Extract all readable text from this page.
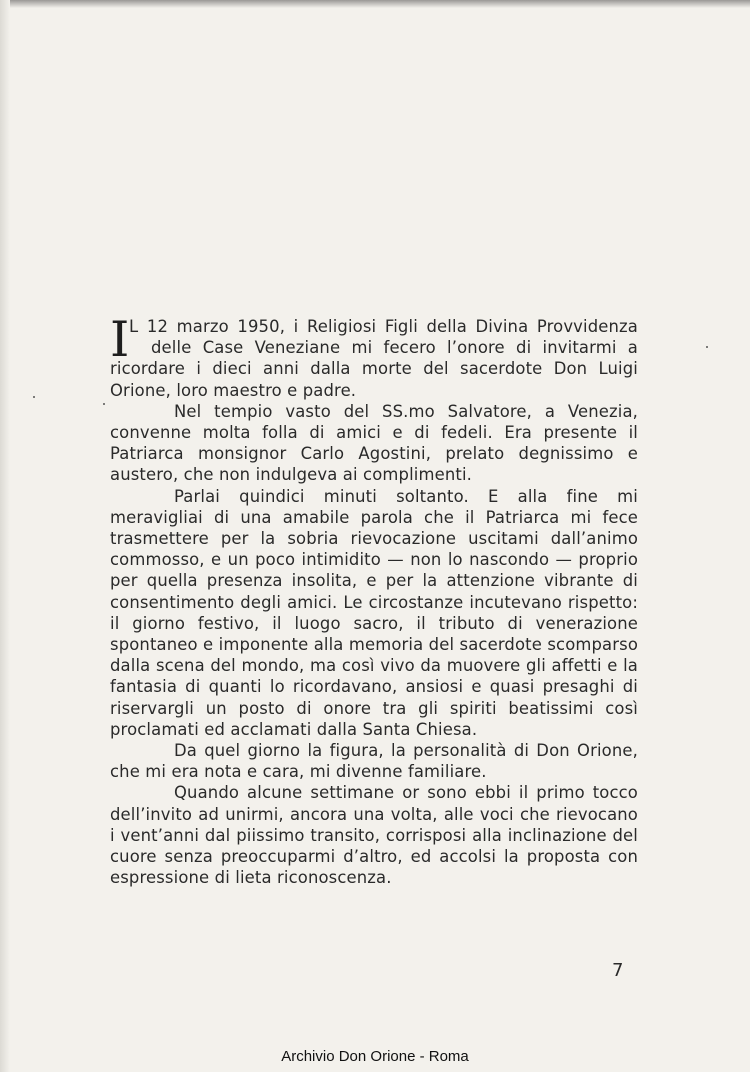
I L 12 marzo 1950, i Religiosi Figli della Divina Provvidenza
delle Case Veneziane mi fecero l’onore di invitarmi a
ricordare i dieci anni dalla morte del sacerdote Don Luigi Orione, loro maestro e padre.

Nel tempio vasto del SS.mo Salvatore, a Venezia, convenne molta folla di amici e di fedeli. Era presente il Patriarca monsignor Carlo Agostini, prelato degnissimo e austero, che non indulgeva ai complimenti.

Parlai quindici minuti soltanto. E alla fine mi meravigliai di una amabile parola che il Patriarca mi fece trasmettere per la sobria rievocazione uscitami dall’animo commosso, e un poco intimidito — non lo nascondo — proprio per quella presenza insolita, e per la attenzione vibrante di consentimento degli amici. Le circostanze incutevano rispetto: il giorno festivo, il luogo sacro, il tributo di venerazione spontaneo e imponente alla memoria del sacerdote scomparso dalla scena del mondo, ma così vivo da muovere gli affetti e la fantasia di quanti lo ricordavano, ansiosi e quasi presaghi di riservargli un posto di onore tra gli spiriti beatissimi così proclamati ed acclamati dalla Santa Chiesa.

Da quel giorno la figura, la personalità di Don Orione, che mi era nota e cara, mi divenne familiare.

Quando alcune settimane or sono ebbi il primo tocco dell’invito ad unirmi, ancora una volta, alle voci che rievocano i vent’anni dal piissimo transito, corrisposi alla inclinazione del cuore senza preoccuparmi d’altro, ed accolsi la proposta con espressione di lieta riconoscenza.

7
Archivio Don Orione - Roma
